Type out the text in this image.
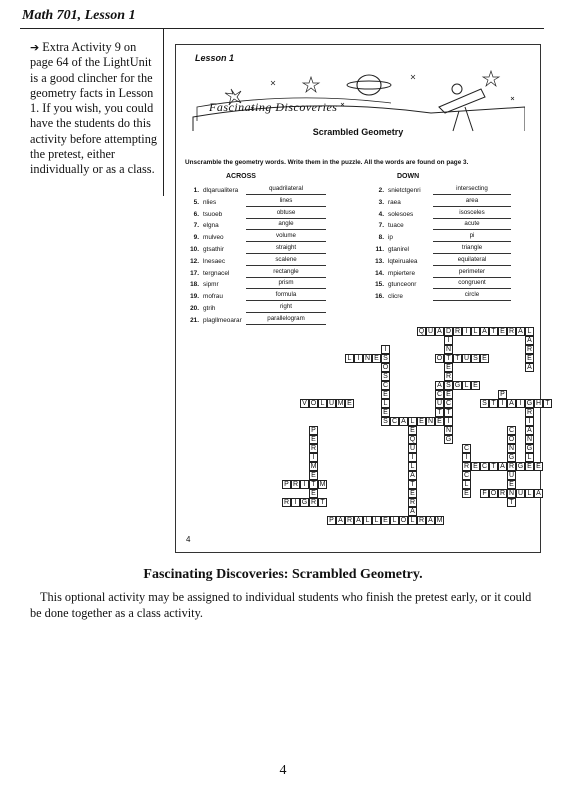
Math 701, Lesson 1
➔ Extra Activity 9 on page 64 of the LightUnit is a good clincher for the geometry facts in Lesson 1. If you wish, you could have the students do this activity before attempting the pretest, either individually or as a class.
Lesson 1
Fascinating Discoveries
Scrambled Geometry
Unscramble the geometry words. Write them in the puzzle. All the words are found on page 3.
ACROSS	DOWN
1. dlqarualitera	quadrilateral
5. nlies	lines
6. tsuoeb	obtuse
7. elgna	angle
9. mulveo	volume
10. gtsathir	straight
12. lnesaec	scalene
17. tergnacel	rectangle
18. sipmr	prism
19. mofrau	formula
20. gtrih	right
21. plagllmeoarar	parallelogram
2. snietctgenri	intersecting
3. raea	area
4. solesoes	isosceles
7. tuace	acute
8. ip	pi
11. gtanirel	triangle
13. lqteirualea	equilateral
14. mpiertere	perimeter
15. gtunceonr	congruent
16. clicre	circle
Q U A D R I L A T E R A L
I
N
T
E
R
S
E
C
T
I
N
G
A
R
E
A
L I N E S
I
O
S
C
E
L
E
S
O	T U S E
A	G L E
C
U
T
E
P
I
V O L U M E	S T	A I G H T
C A L E N
R
I
A
N
G
L
E
E
Q
U
I
L
A
T
E
R
A
L
P
E
R
I
M
E
T
E
R
C
O
N
G
R
U
E
N
T
C
I
R
C
L
E
E C T A	G	E
P R I	M
F O R U L A
R I G	T
P A R A L L E L O R A M
4
Fascinating Discoveries: Scrambled Geometry.
This optional activity may be assigned to individual students who finish the pretest early, or it could be done together as a class activity.
4
